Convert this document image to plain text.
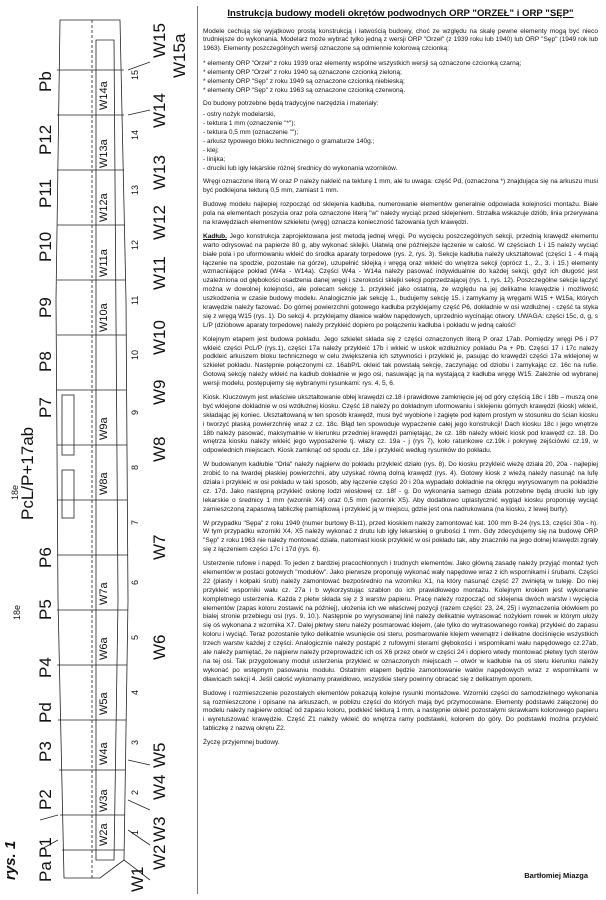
Pb
P12
P11
P10
P9
P8
P7
PcL/P+17ab
P6
P5
P4
Pd
P3
P2
P1
Pa
18e
18e
W14a
W13a
W12a
W11a
W10a
W9a
W8a
W7a
W6a
W5a
W4a
W3a
W2a
15
14
13
12
11
10
9
8
7
6
5
4
3
2
1
W15 W15a
W14
W13
W12
W11
W10
W9
W8
W7
W6
W5
W4
W3
W2
W1
rys. 1
Instrukcja budowy modeli okrętów podwodnych ORP "ORZEŁ" i ORP "SĘP"

Modele cechują się wyjątkowo prostą konstrukcją i łatwością budowy, choć ze względu na skalę pewne elementy mogą być nieco trudniejsze do wykonania. Modelarz może wybrać tylko jedną z wersji ORP "Orzeł" (z 1939 roku lub 1940) lub ORP "Sęp" (1949 rok lub 1963). Elementy poszczególnych wersji oznaczone są odmiennie kolorową czcionką:

* elementy ORP "Orzeł" z roku 1939 oraz elementy wspólne wszystkich wersji są oznaczone czcionką czarną;
* elementy ORP "Orzeł" z roku 1940 są oznaczone czcionką zieloną;
* elementy ORP "Sęp" z roku 1949 są oznaczone czcionką niebieską;
* elementy ORP "Sęp" z roku 1963 są oznaczone czcionką czerwoną.

Do budowy potrzebne będą tradycyjne narzędzia i materiały:

- ostry nożyk modelarski,
- tektura 1 mm (oznaczenie "*");
- tektura 0,5 mm (oznaczenie "");
- arkusz typowego bloku technicznego o gramaturze 140g.;
- klej;
- linijka;
- druciki lub igły lekarskie różnej średnicy do wykonania wzorników.

Wręgi oznaczone literą W oraz P należy nakleić na tekturę 1 mm, ale tu uwaga: część Pd, (oznaczona *) znajdująca się na arkuszu musi być podklejona tekturą 0,5 mm, zamiast 1 mm.

Budowę modelu najlepiej rozpocząć od sklejenia kadłuba, numerowanie elementów generalnie odpowiada kolejności montażu. Białe pola na elementach poszycia oraz pola oznaczone literą "w" należy wyciąć przed sklejeniem. Strzałka wskazuje dziób, linia przerywana na krawędziach elementów szkieletu (wręg) oznacza konieczność fazowania tych krawędzi.

Kadłub. Jego konstrukcja zaprojektowana jest metodą jednej wręgi. Po wycięciu poszczególnych sekcji, przednią krawędź elementu warto odrysować na papierze 80 g, aby wykonać sklejki. Ułatwią one późniejsze łączenie w całość. W częściach 1 i 15 należy wyciąć białe pola i po uformowaniu wkleić do środka aparaty torpedowe (rys. 2, rys. 3). Sekcje kadłuba należy ukształtować (części 1 - 4 mają łączenie na spodzie, pozostałe na górze), uzupełnić sklejką i wręgą oraz wkleić do wnętrza sekcji (oprócz 1., 2., 3. i 15.) elementy wzmacniające pokład (W4a - W14a). Części W4a - W14a należy pasować indywidualnie do każdej sekcji, gdyż ich długość jest uzależniona od głębokości osadzenia danej wręgi i szerokości sklejki sekcji poprzedzającej (rys. 1, rys. 12). Poszczególne sekcje łączyć można w dowolnej kolejności, ale polecam sekcję 1. przykleić jako ostatnią, ze względu na jej delikatne krawędzie i możliwość uszkodzenia w czasie budowy modelu. Analogicznie jak sekcję 1., budujemy sekcję 15. i zamykamy ją wręgami W15 + W15a, których krawędzie należy fazować. Do górnej powierzchni gotowego kadłuba przyklejamy część P6, dokładnie w osi wzdłużnej - część ta styka się z wręgą W15 (rys. 1). Do sekcji 4. przyklejamy dławice wałów napędowych, uprzednio wycinając otwory. UWAGA: części 15c, d, g, s L/P (dziobowe aparaty torpedowe) należy przykleić dopiero po połączeniu kadłuba i pokładu w jedną całość!

Kolejnym etapem jest budowa pokładu. Jego szkielet składa się z części oznaczonych literą P oraz 17ab. Pomiędzy wręgi P6 i P7 wkleić części PcL/P (rys.1), części 17a należy przykleić 17b i wkleić w uskok wzdłużnicy pokładu Pa + Pb. Części 17 i 17c należy podkleić arkuszem bloku technicznego w celu zwiększenia ich sztywności i przykleić je, pasując do krawędzi części 17a wklejonej w szkielet pokładu. Następnie połączonymi cz. 16abP/L okleić tak powstałą sekcję, zaczynając od dziobu i zamykając cz. 16c na rufie. Gotową sekcję należy wkleić na kadłub dokładnie w jego osi, nasuwając ją na wystającą z kadłuba wręgę W15. Zależnie od wybranej wersji modelu, postępujemy się wybranymi rysunkami: rys. 4, 5, 6.

Kiosk. Kluczowym jest właściwe ukształtowanie obłej krawędzi cz.18 i prawidłowe zamknięcie jej od góry częścią 18c i 18b – muszą one być wklejone dokładnie w osi wzdłużnej kiosku. Część 18 należy po dokładnym uformowaniu i sklejeniu górnych krawędzi (kiosk) wkleić, składając jej koniec. Ukształtowaną w ten sposób krawędź, musi być wyobione i zagięte pod kątem prostym w stosunku do ścian kiosku i tworzyć płaską powierzchnię wraz z cz. 18c. Błąd ten spowoduje wypaczenie całej jego konstrukcji! Dach kiosku 18c i jego wnętrze 18b należy pasować, maksymalnie w kierunku przedniej krawędzi pamiętając, że cz. 18b należy wkleić kiosk pod krawędź cz. 18. Do wnętrza kiosku należy wkleić jego wyposażenie tj. włazy cz. 19a - j (rys 7), koło ratunkowe cz.19k i pokrywę zejściówki cz.19, w odpowiednich miejscach. Kiosk zamknąć od spodu cz. 18e i przykleić według rysunków do pokładu.

W budowanym kadłubie "Orła" należy najpierw do pokładu przykleić działo (rys. 8). Do kiosku przykleić wieżę działa 20, 20a - najlepiej zrobić to na twardej płaskiej powierzchni, aby uzyskać równą dolną krawędź (rys. 4). Gotowy kiosk z wieżą należy nasunąć na lufę działa i przykleić w osi pokładu w taki sposób, aby łączenie części 20 i 20a wypadało dokładnie na okręgu wyrysowanym na pokładzie cz. 17d. Jako następną przykleić osłonę lodzi wiosłowej cz. 18f - g. Do wykonania samego działa potrzebne będą druciki lub igły lekarskie o średnicy 1 mm (wzornik X4) oraz 0,5 mm (wzornik X5). Aby dodatkowo uplastycznić wygląd kiosku proponuję wyciąć zamieszczoną zapasową tabliczkę pamiątkową i przykleić ją w miejscu, gdzie jest ona nadrukowana (na kiosku, z lewej burty).

W przypadku "Sępa" z roku 1949 (numer burtowy B-11), przed kioskiem należy zamontować kat. 100 mm B-24 (rys.13, części 30a - h). W tym przypadku wzorniki X4, X5 należy wykonać z drutu lub igły lekarskiej o grubości 1 mm. Gdy zdecydujemy się na budowę ORP "Sęp" z roku 1963 nie należy montować działa, natomiast kiosk przykleić w osi pokładu tak, aby znaczniki na jego dolnej krawędzi zgrały się z łączeniem części 17c i 17d (rys. 6).

Usterzenie rufowe i napęd. To jeden z bardziej pracochłonnych i trudnych elementów. Jako główną zasadę należy przyjąć montaż tych elementów w postaci gotowych "modułów". Jako pierwsze proponuję wykonać wały napędowe wraz z ich wspornikami i śrubami. Części 22 (piasty i kołpaki śrub) należy zamontować bezpośrednio na wzorniku X1, na który nasunąć część 27 zwiniętą w tuleję. Do niej przykleić wsporniki wału cz. 27a i b wykorzystując szablon do ich prawidłowego montażu. Kolejnym krokiem jest wykonanie kompletnego usterzenia. Każda z płetw składa się z 3 warstw papieru. Pracę należy rozpocząć od sklejenia dwóch warstw i wycięcia elementów (zapas koloru zostawić na później), ułożenia ich we właściwej pozycji (razem części: 23, 24, 25) i wyznaczenia ołówkiem po bialej stronie przebiegu osi (rys. 9, 10.). Następnie po wyrysowanej linii należy delikatnie wytrasować nożykiem rowek w którym ułoży się oś wykonana z wzornika X7. Dalej płetwy steru należy posmarować klejem, (ale tylko do wytrasowanego rowka) przykleić do zapasu koloru i wyciąć. Teraz pozostanie tylko delikatnie wsunięcie osi steru, posmarowanie klejem wewnątrz i delikatne dociśnięcie wszystkich trzech warstw każdej z części. Analogicznie należy postąpić z rufowymi sterami głębokości i wspornikami wału napędowego cz.27ab, ale należy pamiętać, że najpierw należy przeprowadzić ich oś X6 przez otwór w części 24 i dopiero wtedy montować płetwy tych sterów na tej osi. Tak przygotowany moduł usterzenia przykleić w oznaczonych miejscach – otwór w kadłubie na oś steru kierunku należy wykonać po wstępnym pasowaniu modułu. Ostatnim etapem będzie zamontowanie wałów napędowych wraz z wspornikami w dławicach sekcji 4. Jeśli całość wykonamy prawidłowo, wszystkie stery powinny obracać się z delikatnym oporem.

Budowę i rozmieszczenie pozostałych elementów pokazują kolejne rysunki montażowe. Wzorniki części do samodzielnego wykonania są rozmieszczone i opisane na arkuszach, w poblizu części do których mają być przymocowane. Elementy podstawki załączonej do modelu należy najpierw odciąć od zapasu koloru, podkleić tekturą 1 mm, a następnie okleić pozostałymi skrawkami kolorowego papieru i wyretuszować krawędzie. Część Z1 należy wkleić do wnętrza ramy podstawki, kolorem do góry. Do podstawki można przykleić tabliczkę z nazwą okrętu Z2.

Życzę przyjemnej budowy.

Bartłomiej Miazga
